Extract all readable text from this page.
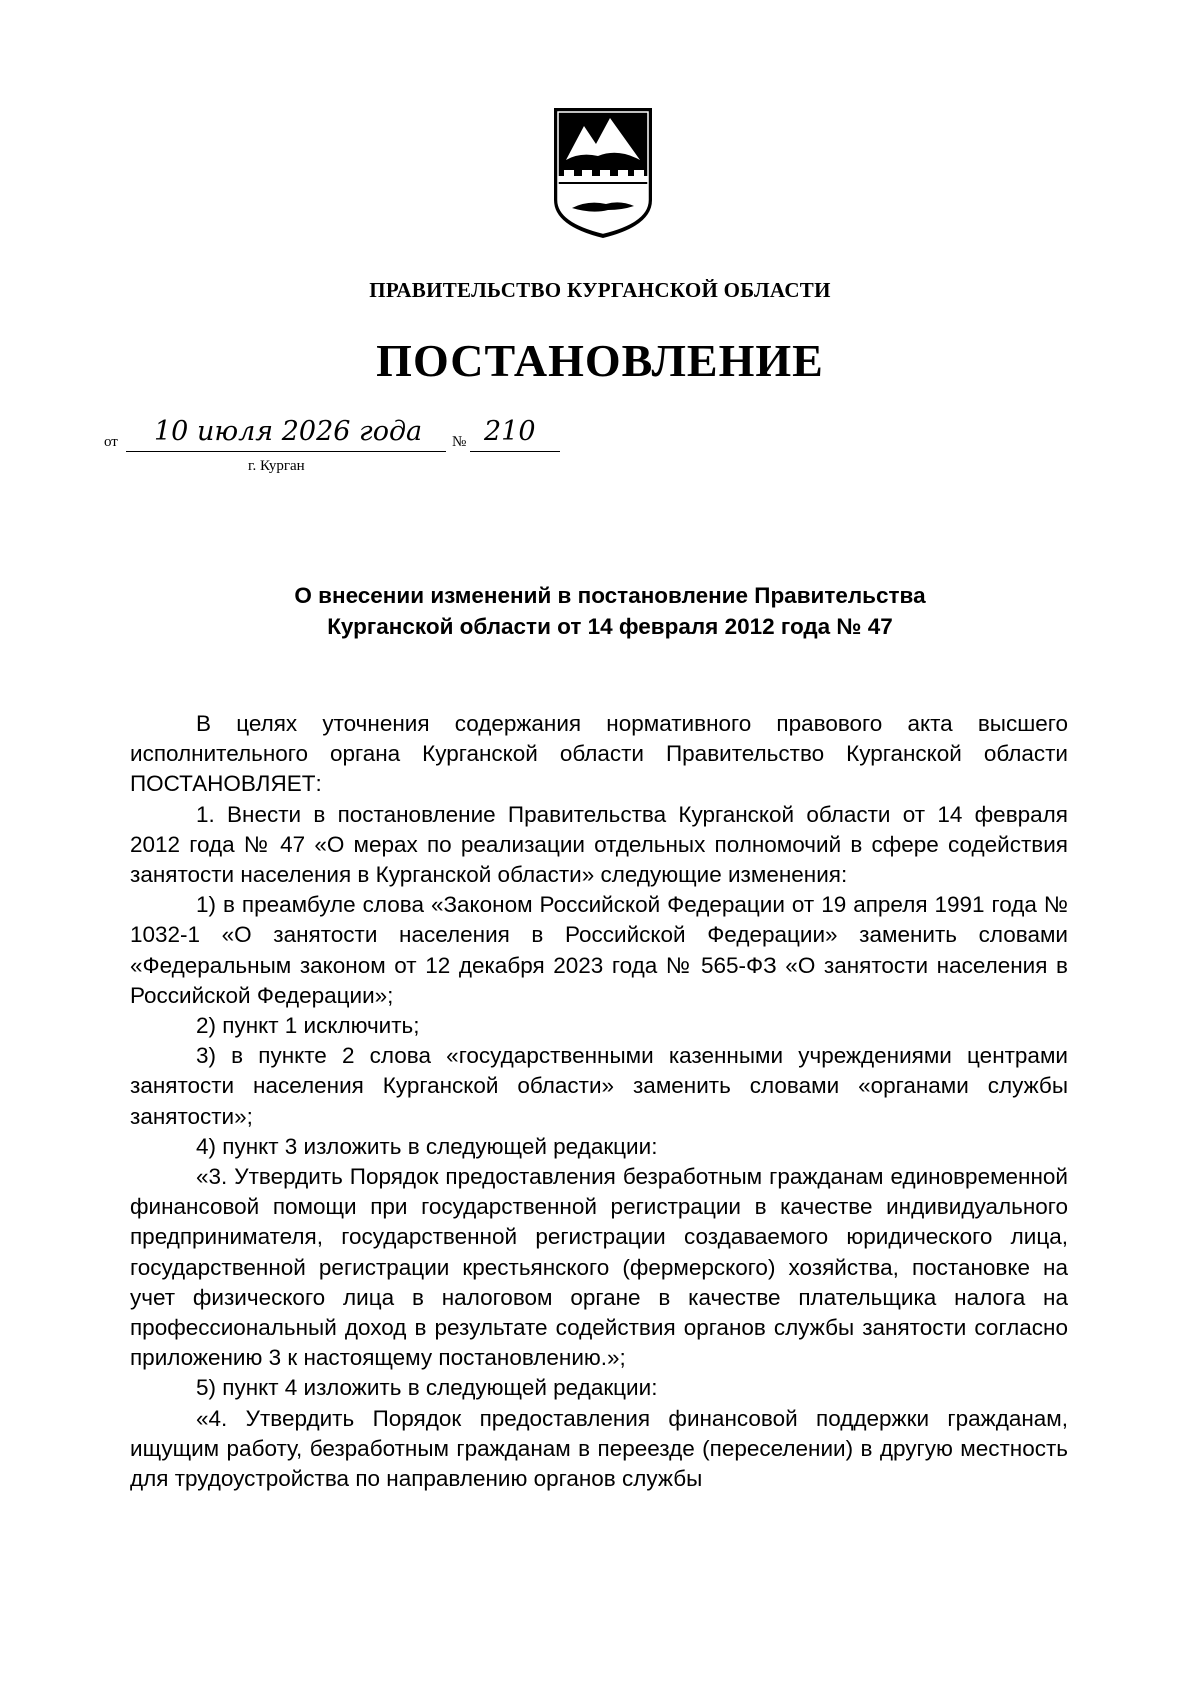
ПРАВИТЕЛЬСТВО КУРГАНСКОЙ ОБЛАСТИ
ПОСТАНОВЛЕНИЕ
от 10 июля 2026 года № 210
г. Курган
О внесении изменений в постановление Правительства
Курганской области от 14 февраля 2012 года № 47

В целях уточнения содержания нормативного правового акта высшего исполнительного органа Курганской области Правительство Курганской области ПОСТАНОВЛЯЕТ:

1. Внести в постановление Правительства Курганской области от 14 февраля 2012 года № 47 «О мерах по реализации отдельных полномочий в сфере содействия занятости населения в Курганской области» следующие изменения:

1) в преамбуле слова «Законом Российской Федерации от 19 апреля 1991 года № 1032-1 «О занятости населения в Российской Федерации» заменить словами «Федеральным законом от 12 декабря 2023 года № 565-ФЗ «О занятости населения в Российской Федерации»;

2) пункт 1 исключить;

3) в пункте 2 слова «государственными казенными учреждениями центрами занятости населения Курганской области» заменить словами «органами службы занятости»;

4) пункт 3 изложить в следующей редакции:

«3. Утвердить Порядок предоставления безработным гражданам единовременной финансовой помощи при государственной регистрации в качестве индивидуального предпринимателя, государственной регистрации создаваемого юридического лица, государственной регистрации крестьянского (фермерского) хозяйства, постановке на учет физического лица в налоговом органе в качестве плательщика налога на профессиональный доход в результате содействия органов службы занятости согласно приложению 3 к настоящему постановлению.»;

5) пункт 4 изложить в следующей редакции:

«4. Утвердить Порядок предоставления финансовой поддержки гражданам, ищущим работу, безработным гражданам в переезде (переселении) в другую местность для трудоустройства по направлению органов службы
